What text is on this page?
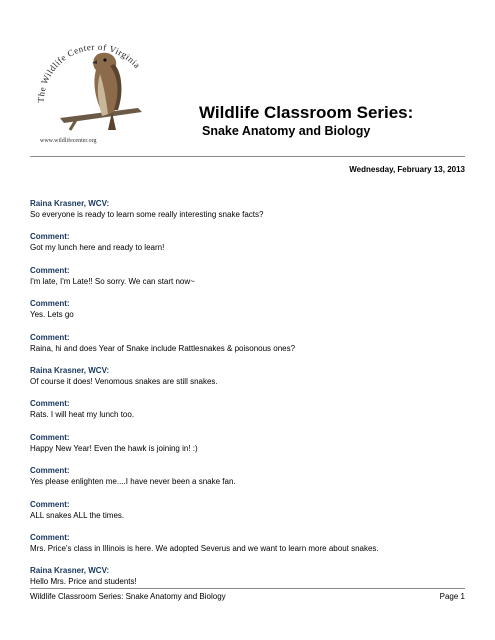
The Wildlife Center of Virginia
www.wildlifecenter.org
Wildlife Classroom Series:
Snake Anatomy and Biology
Wednesday, February 13, 2013
Raina Krasner, WCV:
So everyone is ready to learn some really interesting snake facts?
Comment:
Got my lunch here and ready to learn!
Comment:
I'm late, I'm Late!! So sorry. We can start now~
Comment:
Yes. Lets go
Comment:
Raina, hi and does Year of Snake include Rattlesnakes & poisonous ones?
Raina Krasner, WCV:
Of course it does! Venomous snakes are still snakes.
Comment:
Rats. I will heat my lunch too.
Comment:
Happy New Year! Even the hawk is joining in! :)
Comment:
Yes please enlighten me....I have never been a snake fan.
Comment:
ALL snakes ALL the times.
Comment:
Mrs. Price's class in Illinois is here. We adopted Severus and we want to learn more about snakes.
Raina Krasner, WCV:
Hello Mrs. Price and students!
Wildlife Classroom Series: Snake Anatomy and Biology	Page 1
